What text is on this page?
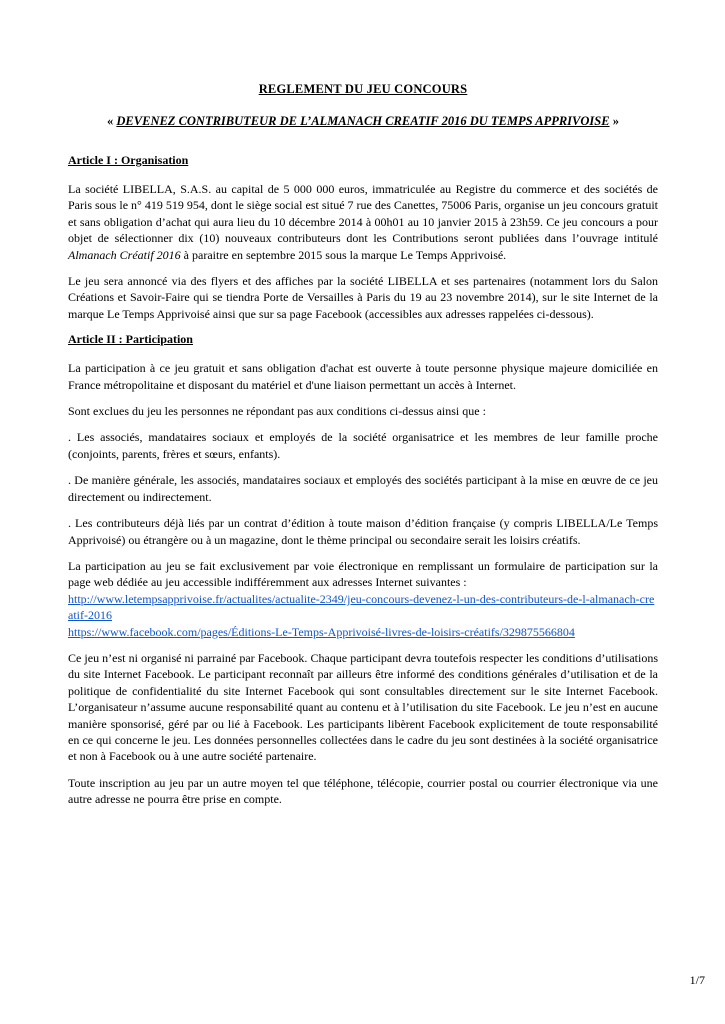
REGLEMENT DU JEU CONCOURS
« DEVENEZ CONTRIBUTEUR DE L’ALMANACH CREATIF 2016 DU TEMPS APPRIVOISE »
Article I : Organisation

La société LIBELLA, S.A.S. au capital de 5 000 000 euros, immatriculée au Registre du commerce et des sociétés de Paris sous le n° 419 519 954, dont le siège social est situé 7 rue des Canettes, 75006 Paris, organise un jeu concours gratuit et sans obligation d’achat qui aura lieu du 10 décembre 2014 à 00h01 au 10 janvier 2015 à 23h59. Ce jeu concours a pour objet de sélectionner dix (10) nouveaux contributeurs dont les Contributions seront publiées dans l’ouvrage intitulé Almanach Créatif 2016 à paraitre en septembre 2015 sous la marque Le Temps Apprivoisé.

Le jeu sera annoncé via des flyers et des affiches par la société LIBELLA et ses partenaires (notamment lors du Salon Créations et Savoir-Faire qui se tiendra Porte de Versailles à Paris du 19 au 23 novembre 2014), sur le site Internet de la marque Le Temps Apprivoisé ainsi que sur sa page Facebook (accessibles aux adresses rappelées ci-dessous).

Article II : Participation

La participation à ce jeu gratuit et sans obligation d'achat est ouverte à toute personne physique majeure domiciliée en France métropolitaine et disposant du matériel et d'une liaison permettant un accès à Internet.

Sont exclues du jeu les personnes ne répondant pas aux conditions ci-dessus ainsi que :

. Les associés, mandataires sociaux et employés de la société organisatrice et les membres de leur famille proche (conjoints, parents, frères et sœurs, enfants).

. De manière générale, les associés, mandataires sociaux et employés des sociétés participant à la mise en œuvre de ce jeu directement ou indirectement.

. Les contributeurs déjà liés par un contrat d’édition à toute maison d’édition française (y compris LIBELLA/Le Temps Apprivoisé) ou étrangère ou à un magazine, dont le thème principal ou secondaire serait les loisirs créatifs.

La participation au jeu se fait exclusivement par voie électronique en remplissant un formulaire de participation sur la page web dédiée au jeu accessible indifféremment aux adresses Internet suivantes :

http://www.letempsapprivoise.fr/actualites/actualite-2349/jeu-concours-devenez-l-un-des-contributeurs-de-l-almanach-creatif-2016
https://www.facebook.com/pages/Éditions-Le-Temps-Apprivoisé-livres-de-loisirs-créatifs/329875566804

Ce jeu n’est ni organisé ni parrainé par Facebook. Chaque participant devra toutefois respecter les conditions d’utilisations du site Internet Facebook. Le participant reconnaît par ailleurs être informé des conditions générales d’utilisation et de la politique de confidentialité du site Internet Facebook qui sont consultables directement sur le site Internet Facebook. L’organisateur n’assume aucune responsabilité quant au contenu et à l’utilisation du site Facebook. Le jeu n’est en aucune manière sponsorisé, géré par ou lié à Facebook. Les participants libèrent Facebook explicitement de toute responsabilité en ce qui concerne le jeu. Les données personnelles collectées dans le cadre du jeu sont destinées à la société organisatrice et non à Facebook ou à une autre société partenaire.

Toute inscription au jeu par un autre moyen tel que téléphone, télécopie, courrier postal ou courrier électronique via une autre adresse ne pourra être prise en compte.

1/7
